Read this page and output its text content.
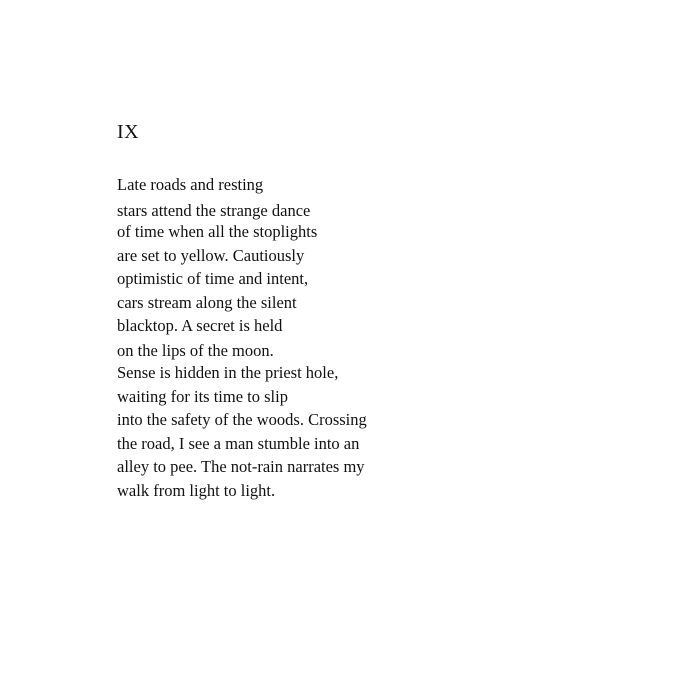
IX
Late roads and resting
stars attend the strange dance
of time when all the stoplights
are set to yellow. Cautiously
optimistic of time and intent,
cars stream along the silent
blacktop. A secret is held
on the lips of the moon.
Sense is hidden in the priest hole,
waiting for its time to slip
into the safety of the woods. Crossing
the road, I see a man stumble into an
alley to pee. The not-rain narrates my
walk from light to light.
